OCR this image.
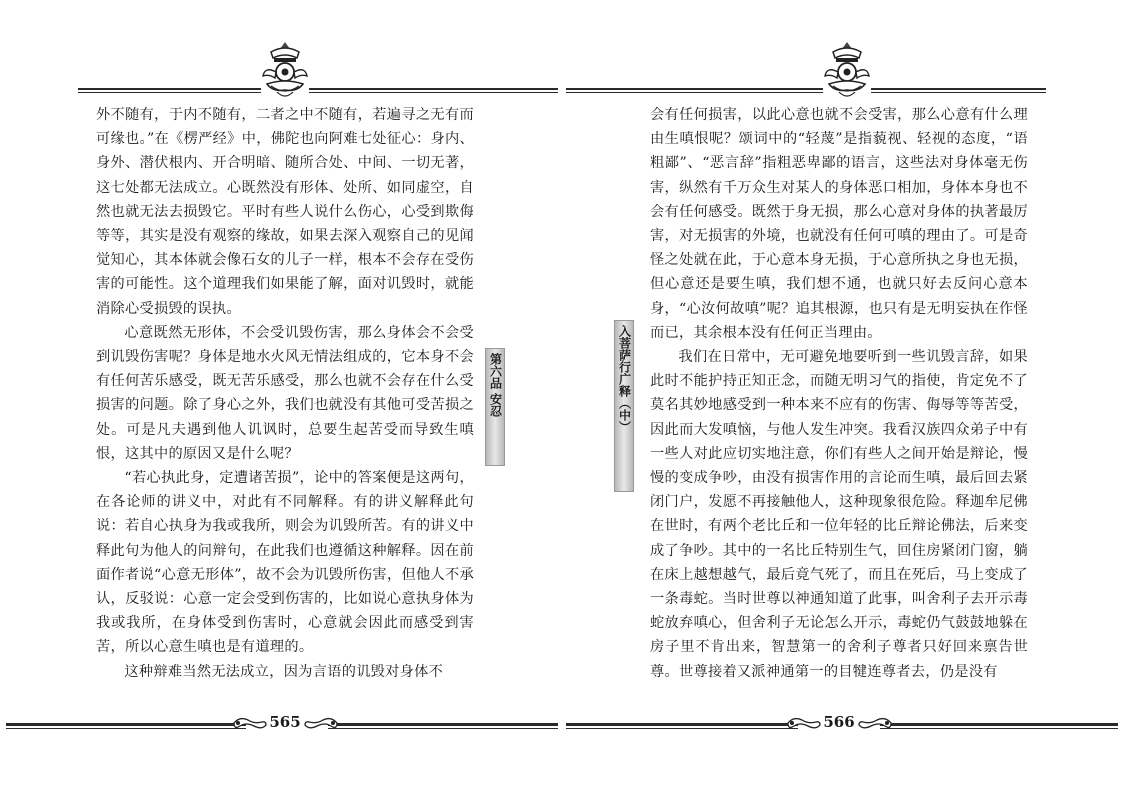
外不随有，于内不随有，二者之中不随有，若遍寻之无有而可缘也。”在《楞严经》中，佛陀也向阿难七处征心：身内、身外、潜伏根内、开合明暗、随所合处、中间、一切无著，这七处都无法成立。心既然没有形体、处所、如同虚空，自然也就无法去损毁它。平时有些人说什么伤心，心受到欺侮等等，其实是没有观察的缘故，如果去深入观察自己的见闻觉知心，其本体就会像石女的儿子一样，根本不会存在受伤害的可能性。这个道理我们如果能了解，面对讥毁时，就能消除心受损毁的误执。

心意既然无形体，不会受讥毁伤害，那么身体会不会受到讥毁伤害呢？身体是地水火风无情法组成的，它本身不会有任何苦乐感受，既无苦乐感受，那么也就不会存在什么受损害的问题。除了身心之外，我们也就没有其他可受苦损之处。可是凡夫遇到他人讥讽时，总要生起苦受而导致生嗔恨，这其中的原因又是什么呢？

“若心执此身，定遭诸苦损”，论中的答案便是这两句，在各论师的讲义中，对此有不同解释。有的讲义解释此句说：若自心执身为我或我所，则会为讥毁所苦。有的讲义中释此句为他人的问辩句，在此我们也遵循这种解释。因在前面作者说“心意无形体”，故不会为讥毁所伤害，但他人不承认，反驳说：心意一定会受到伤害的，比如说心意执身体为我或我所，在身体受到伤害时，心意就会因此而感受到害苦，所以心意生嗔也是有道理的。

这种辩难当然无法成立，因为言语的讥毁对身体不

第六品 安忍
565
入菩萨行广释（中）

会有任何损害，以此心意也就不会受害，那么心意有什么理由生嗔恨呢？颂词中的“轻蔑”是指藐视、轻视的态度，“语粗鄙”、“恶言辞”指粗恶卑鄙的语言，这些法对身体毫无伤害，纵然有千万众生对某人的身体恶口相加，身体本身也不会有任何感受。既然于身无损，那么心意对身体的执著最厉害，对无损害的外境，也就没有任何可嗔的理由了。可是奇怪之处就在此，于心意本身无损，于心意所执之身也无损，但心意还是要生嗔，我们想不通，也就只好去反问心意本身，“心汝何故嗔”呢？追其根源，也只有是无明妄执在作怪而已，其余根本没有任何正当理由。

我们在日常中，无可避免地要听到一些讥毁言辞，如果此时不能护持正知正念，而随无明习气的指使，肯定免不了莫名其妙地感受到一种本来不应有的伤害、侮辱等等苦受，因此而大发嗔恼，与他人发生冲突。我看汉族四众弟子中有一些人对此应切实地注意，你们有些人之间开始是辩论，慢慢的变成争吵，由没有损害作用的言论而生嗔，最后回去紧闭门户，发愿不再接触他人，这种现象很危险。释迦牟尼佛在世时，有两个老比丘和一位年轻的比丘辩论佛法，后来变成了争吵。其中的一名比丘特别生气，回住房紧闭门窗，躺在床上越想越气，最后竟气死了，而且在死后，马上变成了一条毒蛇。当时世尊以神通知道了此事，叫舍利子去开示毒蛇放弃嗔心，但舍利子无论怎么开示，毒蛇仍气鼓鼓地躲在房子里不肯出来，智慧第一的舍利子尊者只好回来禀告世尊。世尊接着又派神通第一的目犍连尊者去，仍是没有

566
